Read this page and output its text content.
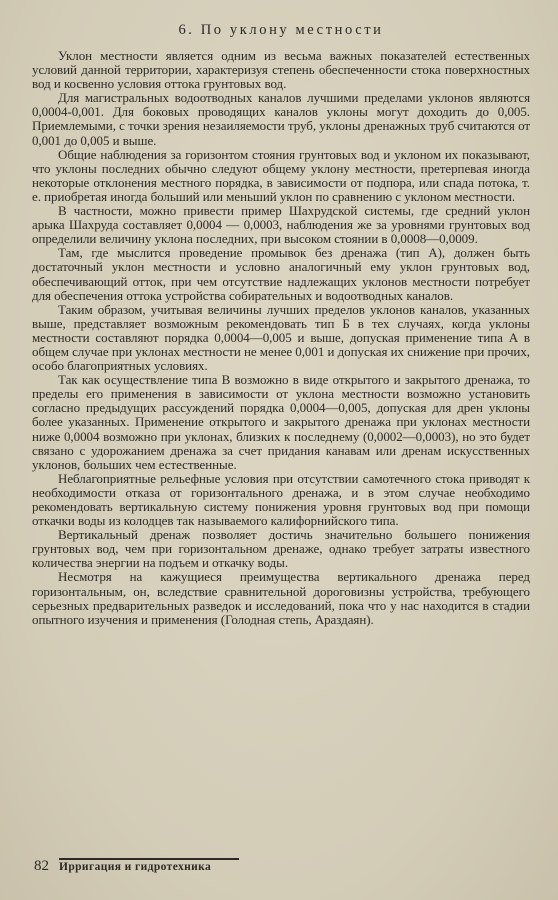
6. По уклону местности

Уклон местности является одним из весьма важных показателей естественных условий данной территории, характеризуя степень обеспеченности стока поверхностных вод и косвенно условия оттока грунтовых вод.

Для магистральных водоотводных каналов лучшими пределами уклонов являются 0,0004-0,001. Для боковых проводящих каналов уклоны могут доходить до 0,005. Приемлемыми, с точки зрения незаиляемости труб, уклоны дренажных труб считаются от 0,001 до 0,005 и выше.

Общие наблюдения за горизонтом стояния грунтовых вод и уклоном их показывают, что уклоны последних обычно следуют общему уклону местности, претерпевая иногда некоторые отклонения местного порядка, в зависимости от подпора, или спада потока, т. е. приобретая иногда больший или меньший уклон по сравнению с уклоном местности.

В частности, можно привести пример Шахрудской системы, где средний уклон арыка Шахруда составляет 0,0004 — 0,0003, наблюдения же за уровнями грунтовых вод определили величину уклона последних, при высоком стоянии в 0,0008—0,0009.

Там, где мыслится проведение промывок без дренажа (тип А), должен быть достаточный уклон местности и условно аналогичный ему уклон грунтовых вод, обеспечивающий отток, при чем отсутствие надлежащих уклонов местности потребует для обеспечения оттока устройства собирательных и водоотводных каналов.

Таким образом, учитывая величины лучших пределов уклонов каналов, указанных выше, представляет возможным рекомендовать тип Б в тех случаях, когда уклоны местности составляют порядка 0,0004—0,005 и выше, допуская применение типа А в общем случае при уклонах местности не менее 0,001 и допуская их снижение при прочих, особо благоприятных условиях.

Так как осуществление типа В возможно в виде открытого и закрытого дренажа, то пределы его применения в зависимости от уклона местности возможно установить согласно предыдущих рассуждений порядка 0,0004—0,005, допуская для дрен уклоны более указанных. Применение открытого и закрытого дренажа при уклонах местности ниже 0,0004 возможно при уклонах, близких к последнему (0,0002—0,0003), но это будет связано с удорожанием дренажа за счет придания канавам или дренам искусственных уклонов, больших чем естественные.

Неблагоприятные рельефные условия при отсутствии самотечного стока приводят к необходимости отказа от горизонтального дренажа, и в этом случае необходимо рекомендовать вертикальную систему понижения уровня грунтовых вод при помощи откачки воды из колодцев так называемого калифорнийского типа.

Вертикальный дренаж позволяет достичь значительно большего понижения грунтовых вод, чем при горизонтальном дренаже, однако требует затраты известного количества энергии на подъем и откачку воды.

Несмотря на кажущиеся преимущества вертикального дренажа перед горизонтальным, он, вследствие сравнительной дороговизны устройства, требующего серьезных предварительных разведок и исследований, пока что у нас находится в стадии опытного изучения и применения (Голодная степь, Араздаян).

82 Ирригация и гидротехника
